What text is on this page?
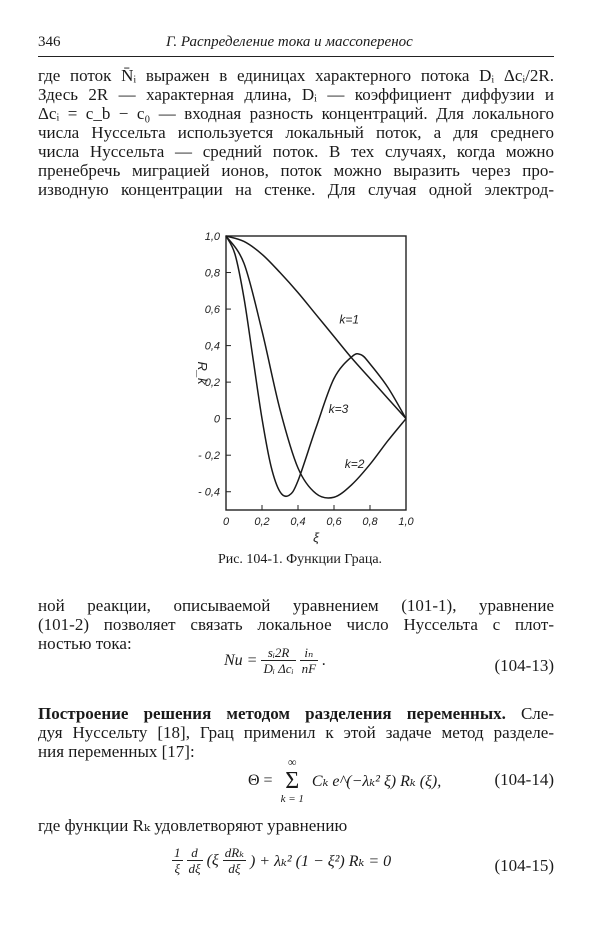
346	Г. Распределение тока и массоперенос
где поток N̄ᵢ выражен в единицах характерного потока Dᵢ Δcᵢ/2R.
Здесь 2R — характерная длина, Dᵢ — коэффициент диффузии и
Δcᵢ = c_b − c₀ — входная разность концентраций. Для локального
числа Нуссельта используется локальный поток, а для среднего
числа Нуссельта — средний поток. В тех случаях, когда можно
пренебречь миграцией ионов, поток можно выразить через про-
изводную концентрации на стенке. Для случая одной электрод-
1,0
0,8
0,6
0,4
0,2
0
- 0,2
- 0,4
0 0,2 0,4 0,6 0,8 1,0
ξ
R_k
k=1
k=2
k=3
Рис. 104-1. Функции Граца.
ной реакции, описываемой уравнением (101-1), уравнение
(101-2) позволяет связать локальное число Нуссельта с плот-
ностью тока:
$Nu = \frac{\text{sᵢ2R}}{\text{Dᵢ Δcᵢ}}$
$\frac{\text{iₙ}}{nF}$ .	(104-13)
Построение решения методом разделения переменных. Сле-
дуя Нуссельту [18], Грац применил к этой задаче метод разделе-
ния переменных [17]:
Θ =
∞
Σ
k = 1
Cₖ e^(−λₖ² ξ) Rₖ (ξ),	(104-14)
где функции Rₖ удовлетворяют уравнению
$\frac{1}{\xi}$
$\frac{d}{d\xi} (\xi \frac{\text{dRₖ}}{d\xi}$ ) + λₖ² (1 − ξ²) Rₖ = 0	(104-15)
